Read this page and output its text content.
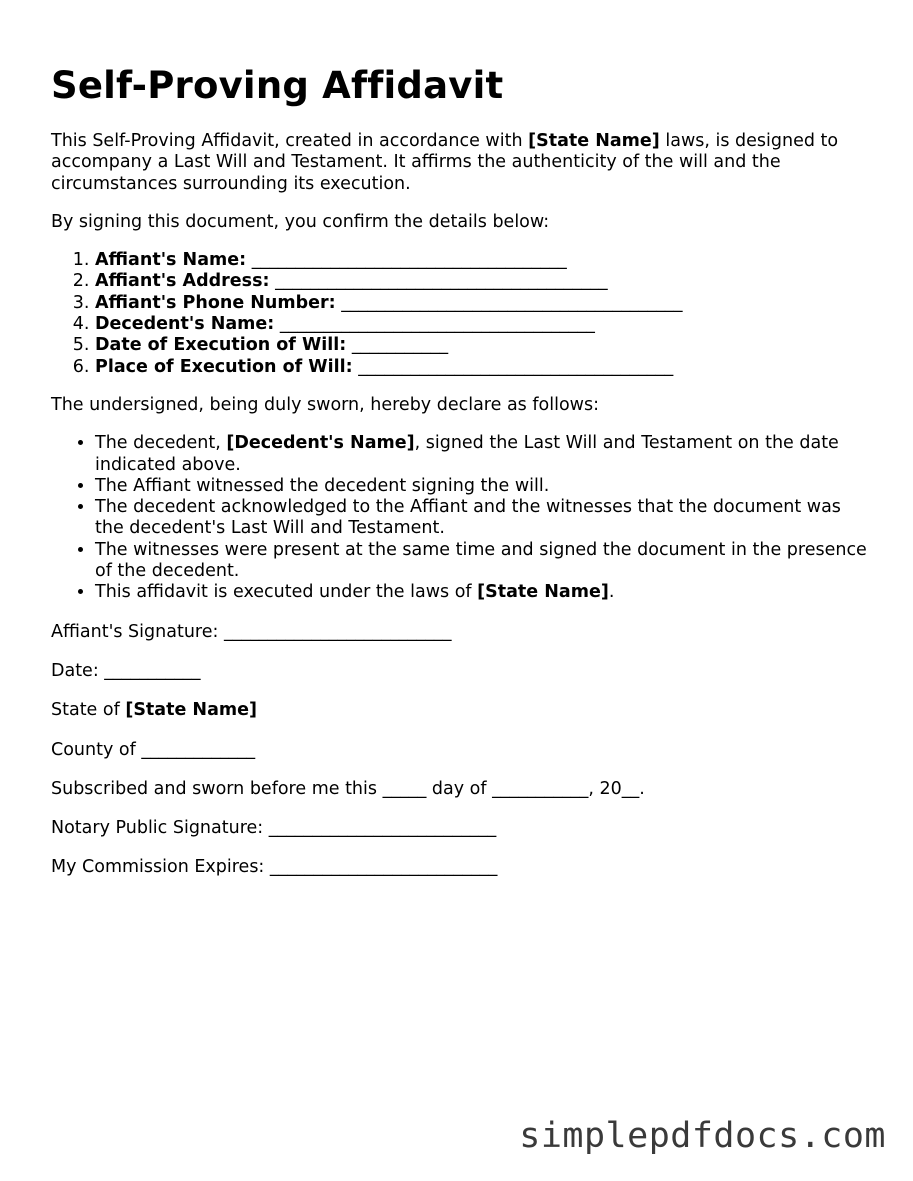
Self-Proving Affidavit

This Self-Proving Affidavit, created in accordance with [State Name] laws, is designed to accompany a Last Will and Testament. It affirms the authenticity of the will and the circumstances surrounding its execution.

By signing this document, you confirm the details below:

1. Affiant's Name: ____________________________________
2. Affiant's Address: ______________________________________
3. Affiant's Phone Number: _______________________________________
4. Decedent's Name: ____________________________________
5. Date of Execution of Will: ___________
6. Place of Execution of Will: ____________________________________

The undersigned, being duly sworn, hereby declare as follows:

• The decedent, [Decedent's Name], signed the Last Will and Testament on the date indicated above.
• The Affiant witnessed the decedent signing the will.
• The decedent acknowledged to the Affiant and the witnesses that the document was the decedent's Last Will and Testament.
• The witnesses were present at the same time and signed the document in the presence of the decedent.
• This affidavit is executed under the laws of [State Name].

Affiant's Signature: __________________________

Date: ___________

State of [State Name]

County of _____________

Subscribed and sworn before me this _____ day of ___________, 20__.

Notary Public Signature: __________________________

My Commission Expires: __________________________

simplepdfdocs.com
